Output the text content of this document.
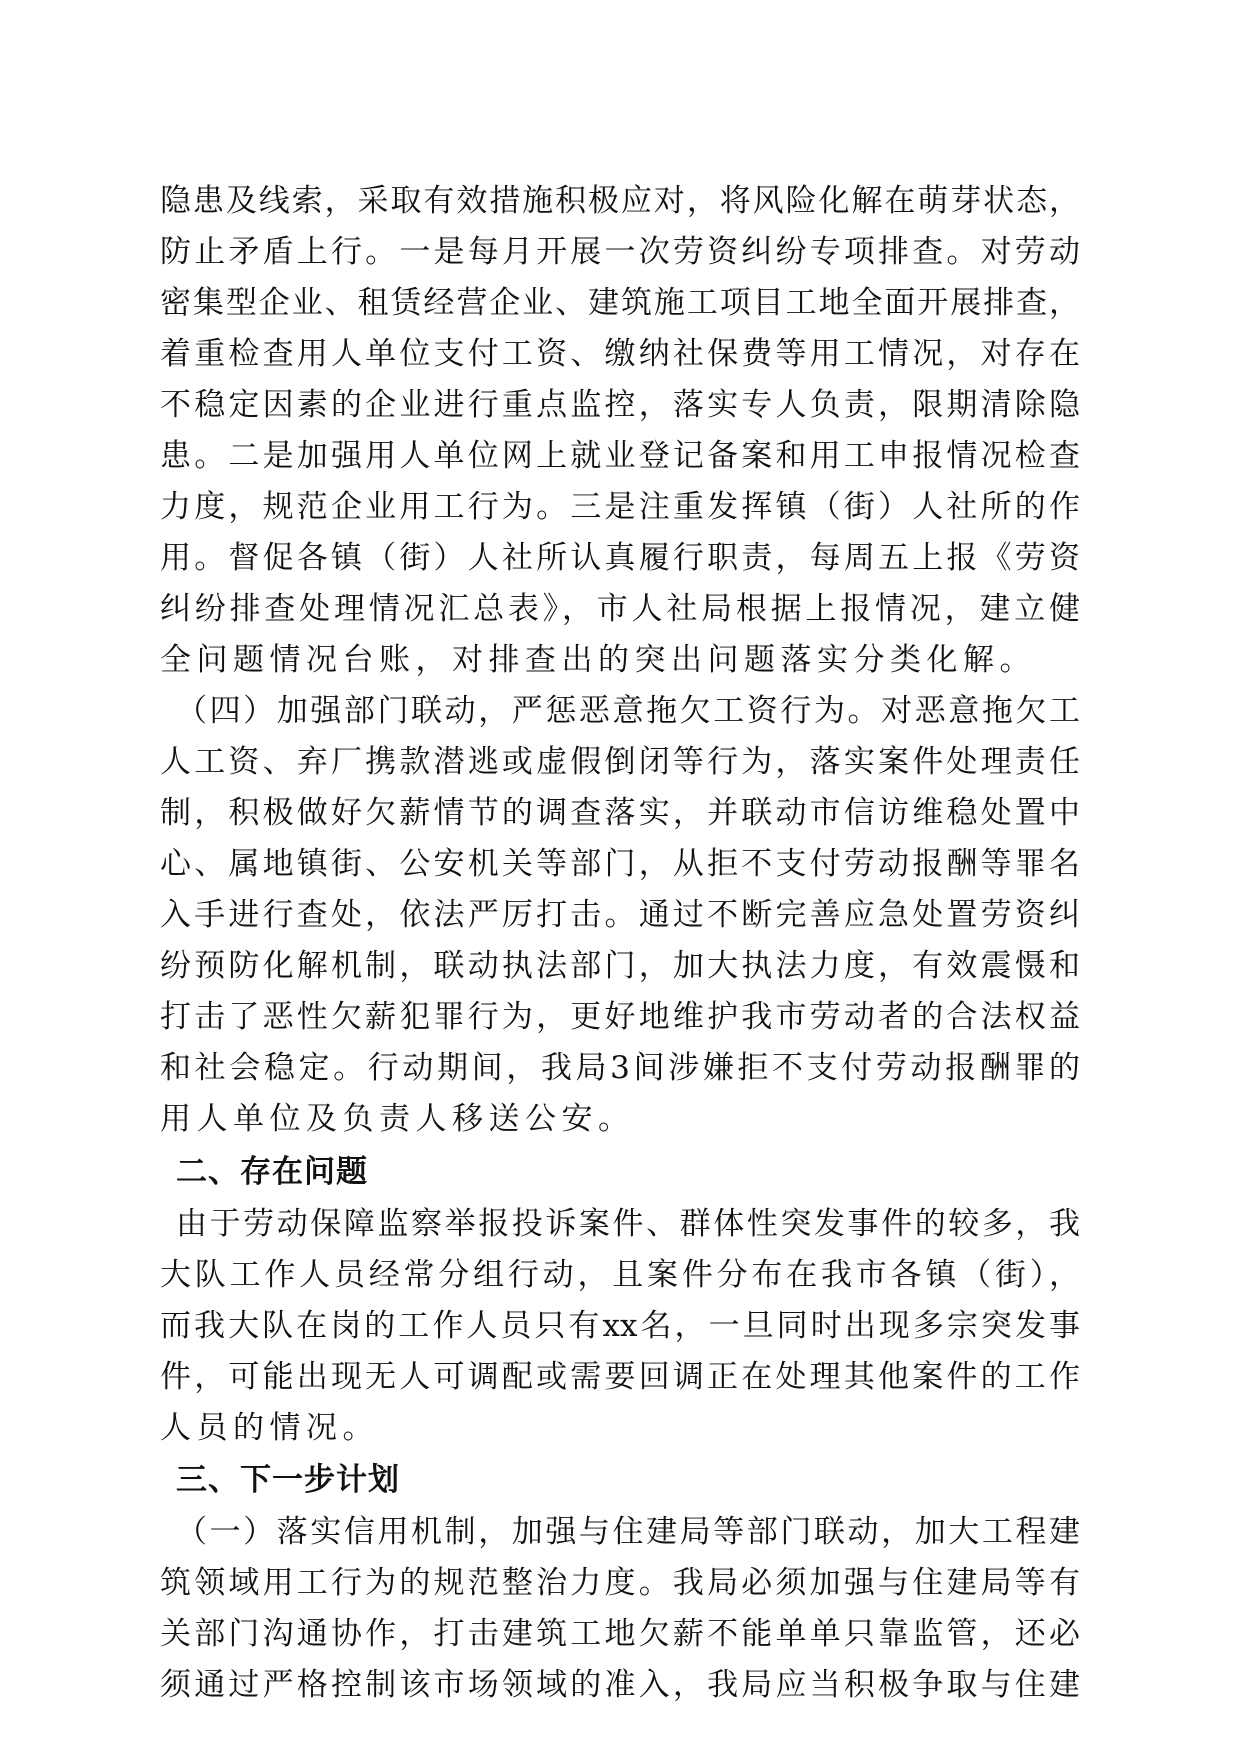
隐患及线索，采取有效措施积极应对，将风险化解在萌芽状态，
防止矛盾上行。一是每月开展一次劳资纠纷专项排查。对劳动
密集型企业、租赁经营企业、建筑施工项目工地全面开展排查，
着重检查用人单位支付工资、缴纳社保费等用工情况，对存在
不稳定因素的企业进行重点监控，落实专人负责，限期清除隐
患。二是加强用人单位网上就业登记备案和用工申报情况检查
力度，规范企业用工行为。三是注重发挥镇（街）人社所的作
用。督促各镇（街）人社所认真履行职责，每周五上报《劳资
纠纷排查处理情况汇总表》，市人社局根据上报情况，建立健
全问题情况台账，对排查出的突出问题落实分类化解。
（四）加强部门联动，严惩恶意拖欠工资行为。对恶意拖欠工
人工资、弃厂携款潜逃或虚假倒闭等行为，落实案件处理责任
制，积极做好欠薪情节的调查落实，并联动市信访维稳处置中
心、属地镇街、公安机关等部门，从拒不支付劳动报酬等罪名
入手进行查处，依法严厉打击。通过不断完善应急处置劳资纠
纷预防化解机制，联动执法部门，加大执法力度，有效震慑和
打击了恶性欠薪犯罪行为，更好地维护我市劳动者的合法权益
和社会稳定。行动期间，我局3间涉嫌拒不支付劳动报酬罪的
用人单位及负责人移送公安。
二、存在问题
由于劳动保障监察举报投诉案件、群体性突发事件的较多，我
大队工作人员经常分组行动，且案件分布在我市各镇（街），
而我大队在岗的工作人员只有xx名，一旦同时出现多宗突发事
件，可能出现无人可调配或需要回调正在处理其他案件的工作
人员的情况。
三、下一步计划
（一）落实信用机制，加强与住建局等部门联动，加大工程建
筑领域用工行为的规范整治力度。我局必须加强与住建局等有
关部门沟通协作，打击建筑工地欠薪不能单单只靠监管，还必
须通过严格控制该市场领域的准入，我局应当积极争取与住建
